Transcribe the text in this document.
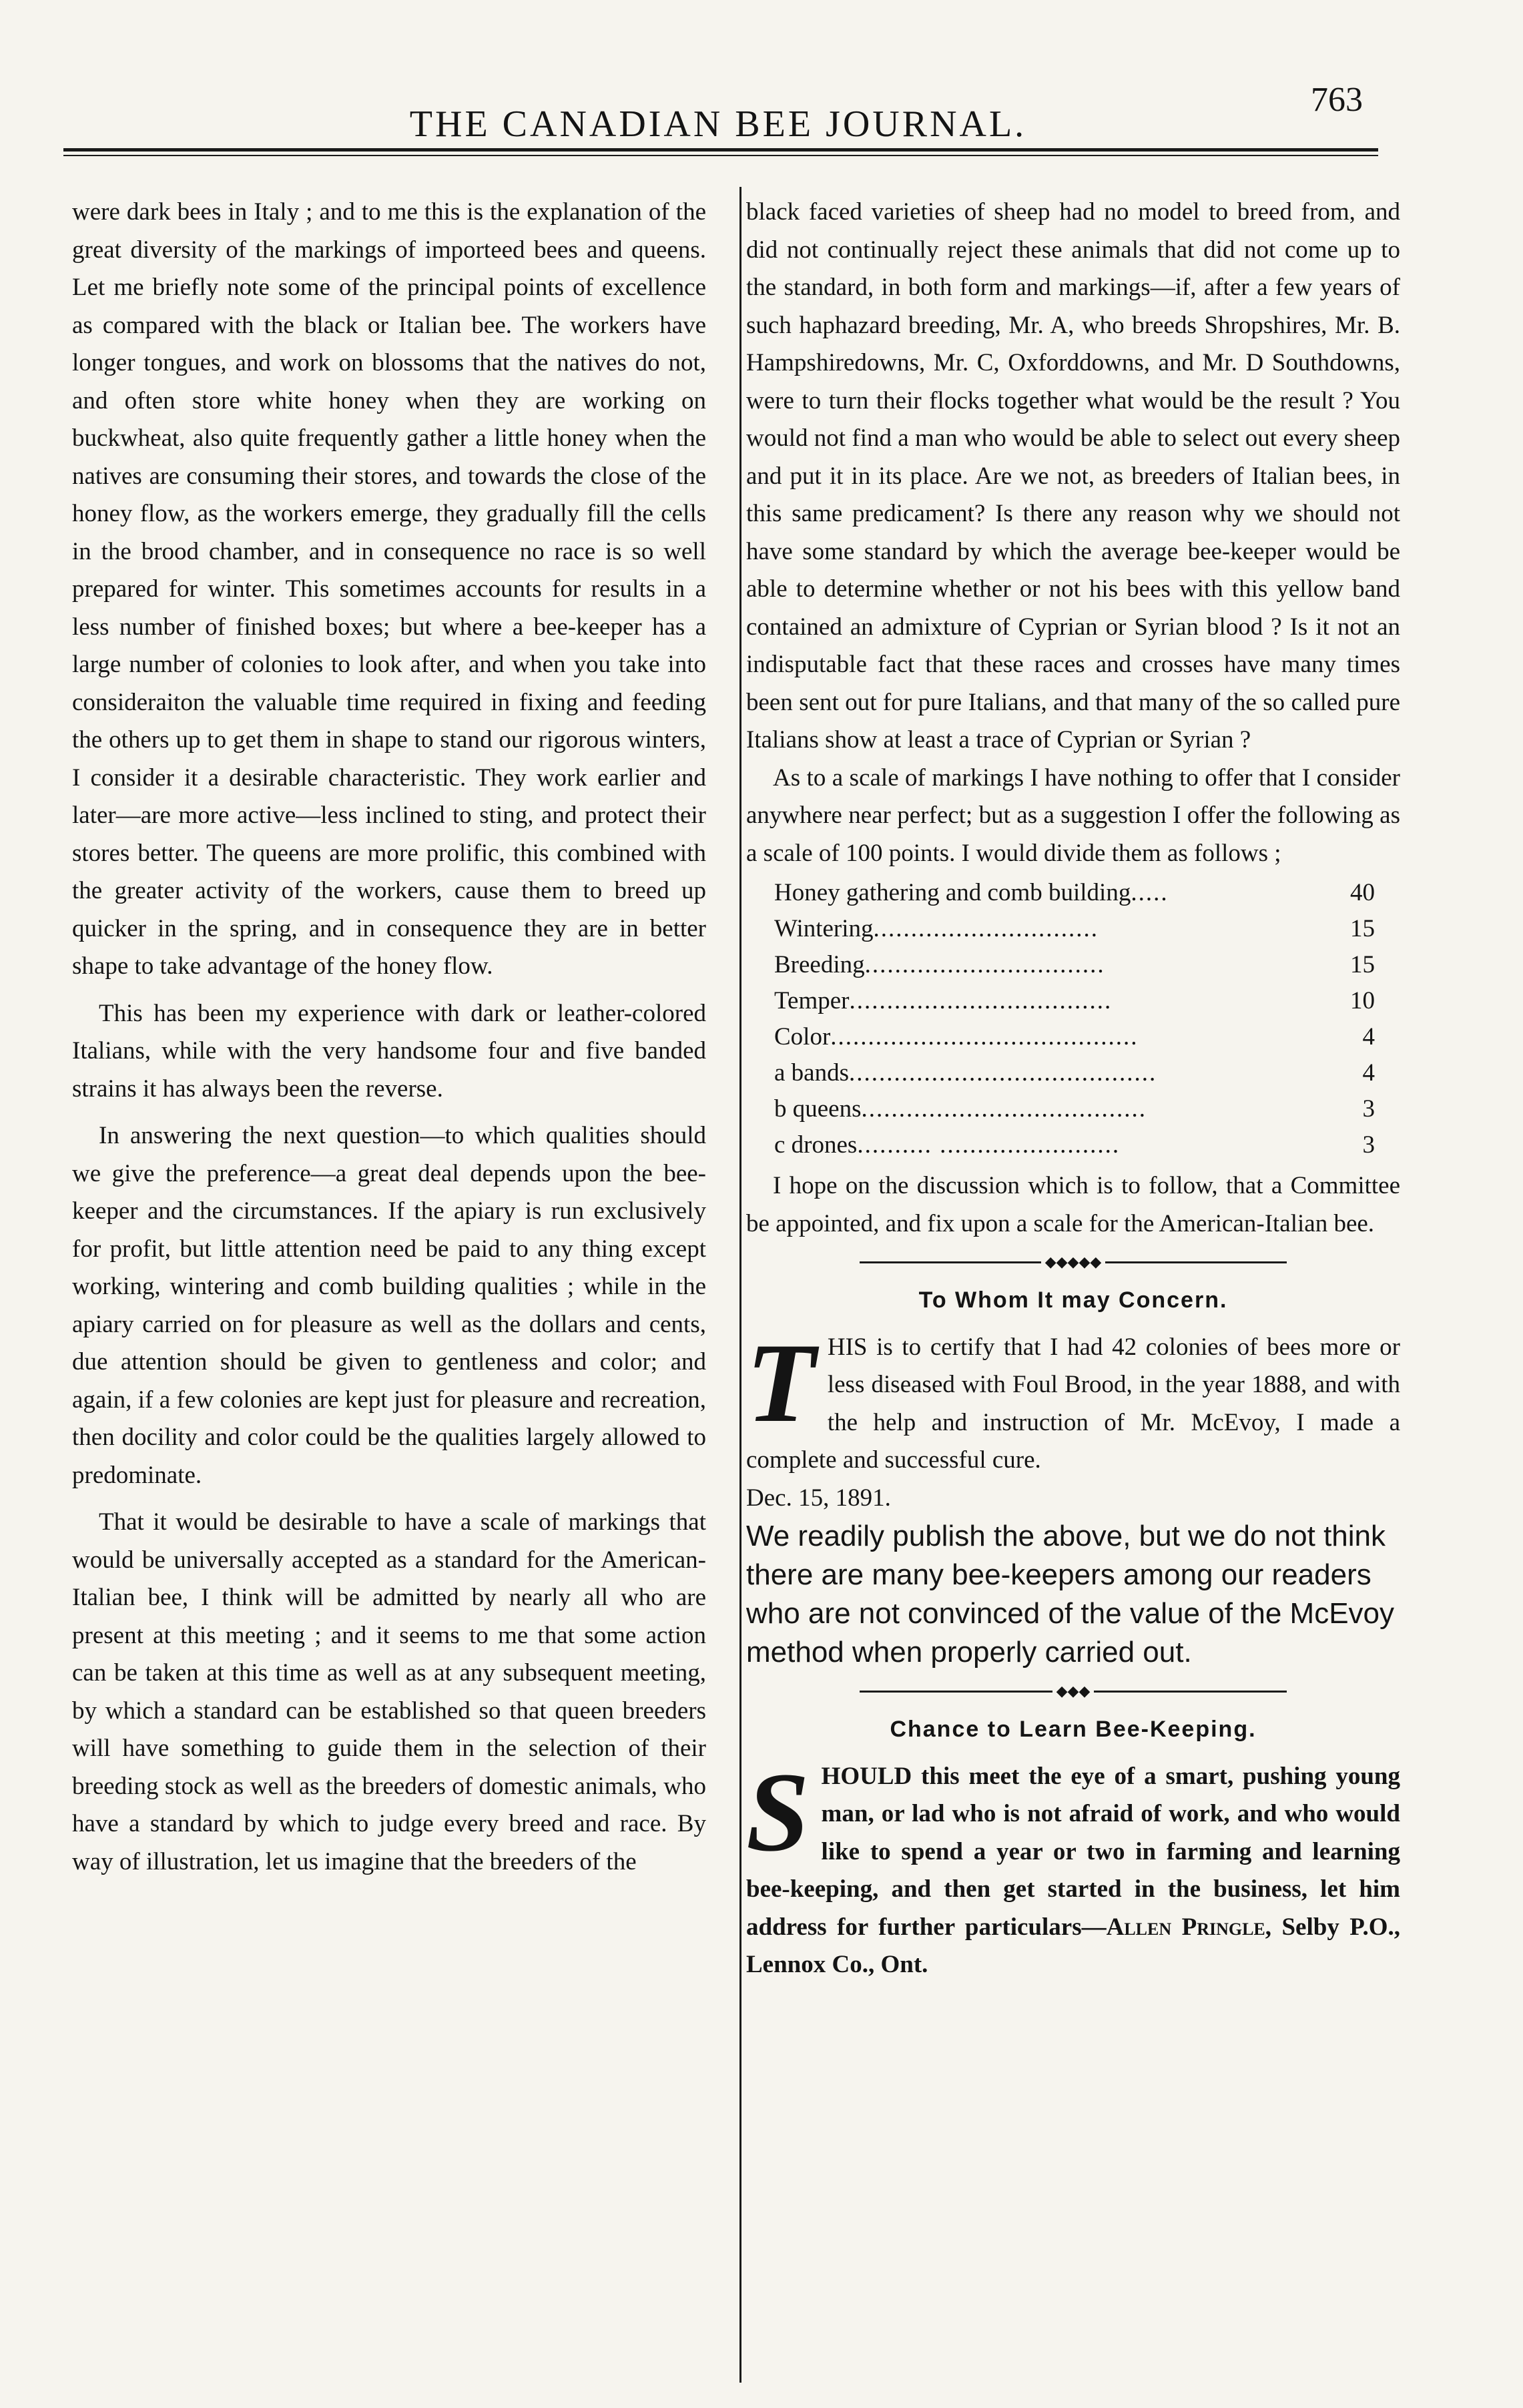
THE CANADIAN BEE JOURNAL.
763

were dark bees in Italy ; and to me this is the explanation of the great diversity of the markings of importeed bees and queens. Let me briefly note some of the principal points of excellence as compared with the black or Italian bee. The workers have longer tongues, and work on blossoms that the natives do not, and often store white honey when they are working on buckwheat, also quite frequently gather a little honey when the natives are consuming their stores, and towards the close of the honey flow, as the workers emerge, they gradually fill the cells in the brood chamber, and in consequence no race is so well prepared for winter. This sometimes accounts for results in a less number of finished boxes; but where a bee-keeper has a large number of colonies to look after, and when you take into consideraiton the valuable time required in fixing and feeding the others up to get them in shape to stand our rigorous winters, I consider it a desirable characteristic. They work earlier and later—are more active—less inclined to sting, and protect their stores better. The queens are more prolific, this combined with the greater activity of the workers, cause them to breed up quicker in the spring, and in consequence they are in better shape to take advantage of the honey flow.

This has been my experience with dark or leather-colored Italians, while with the very handsome four and five banded strains it has always been the reverse.

In answering the next question—to which qualities should we give the preference—a great deal depends upon the bee-keeper and the circumstances. If the apiary is run exclusively for profit, but little attention need be paid to any thing except working, wintering and comb building qualities ; while in the apiary carried on for pleasure as well as the dollars and cents, due attention should be given to gentleness and color; and again, if a few colonies are kept just for pleasure and recreation, then docility and color could be the qualities largely allowed to predominate.

That it would be desirable to have a scale of markings that would be universally accepted as a standard for the American-Italian bee, I think will be admitted by nearly all who are present at this meeting ; and it seems to me that some action can be taken at this time as well as at any subsequent meeting, by which a standard can be established so that queen breeders will have something to guide them in the selection of their breeding stock as well as the breeders of domestic animals, who have a standard by which to judge every breed and race. By way of illustration, let us imagine that the breeders of the

black faced varieties of sheep had no model to breed from, and did not continually reject these animals that did not come up to the standard, in both form and markings—if, after a few years of such haphazard breeding, Mr. A, who breeds Shropshires, Mr. B. Hampshiredowns, Mr. C, Oxforddowns, and Mr. D Southdowns, were to turn their flocks together what would be the result ? You would not find a man who would be able to select out every sheep and put it in its place. Are we not, as breeders of Italian bees, in this same predicament? Is there any reason why we should not have some standard by which the average bee-keeper would be able to determine whether or not his bees with this yellow band contained an admixture of Cyprian or Syrian blood ? Is it not an indisputable fact that these races and crosses have many times been sent out for pure Italians, and that many of the so called pure Italians show at least a trace of Cyprian or Syrian ?

As to a scale of markings I have nothing to offer that I consider anywhere near perfect; but as a suggestion I offer the following as a scale of 100 points. I would divide them as follows ;

Honey gathering and comb building.....	40
Wintering..............................	15
Breeding................................	15
Temper...................................	10
Color.........................................	4
a bands.........................................	4
b queens......................................	3
c drones.......... ........................	3

I hope on the discussion which is to follow, that a Committee be appointed, and fix upon a scale for the American-Italian bee.

◆◆◆◆◆
To Whom It may Concern.

THIS is to certify that I had 42 colonies of bees more or less diseased with Foul Brood, in the year 1888, and with the help and instruction of Mr. McEvoy, I made a complete and successful cure.

Dec. 15, 1891.

We readily publish the above, but we do not think there are many bee-keepers among our readers who are not convinced of the value of the McEvoy method when properly carried out.

◆◆◆
Chance to Learn Bee-Keeping.

SHOULD this meet the eye of a smart, pushing young man, or lad who is not afraid of work, and who would like to spend a year or two in farming and learning bee-keeping, and then get started in the business, let him address for further particulars—Allen Pringle, Selby P.O., Lennox Co., Ont.
